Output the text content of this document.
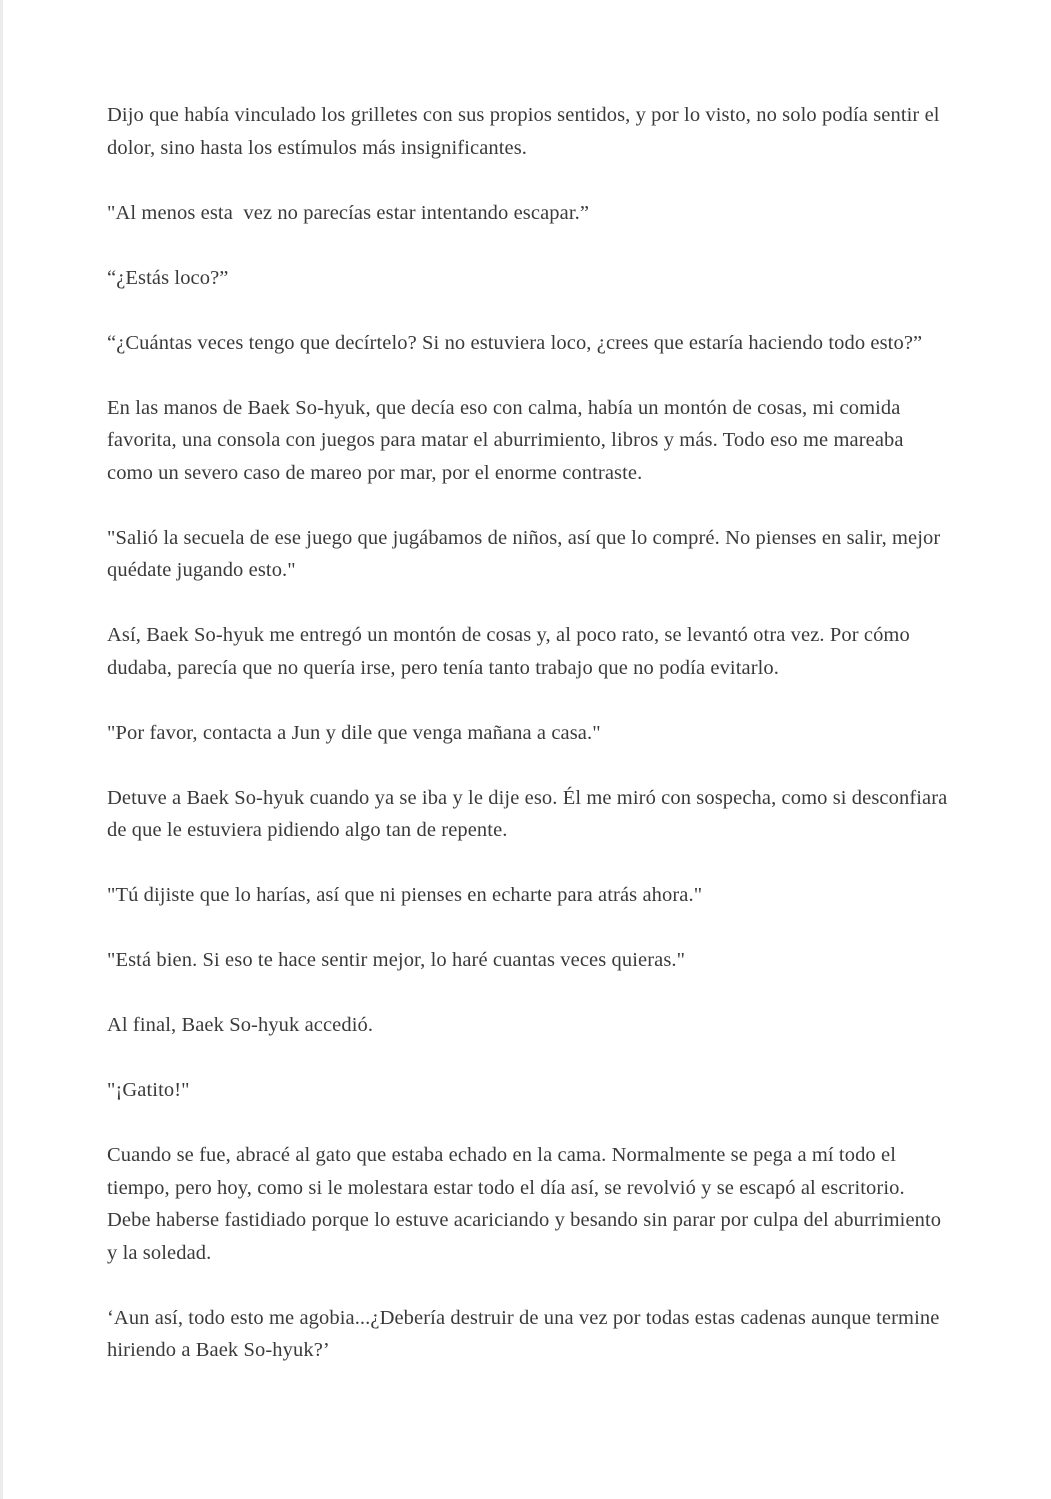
Dijo que había vinculado los grilletes con sus propios sentidos, y por lo visto, no solo podía sentir el dolor, sino hasta los estímulos más insignificantes.

"Al menos esta  vez no parecías estar intentando escapar.”

“¿Estás loco?”

“¿Cuántas veces tengo que decírtelo? Si no estuviera loco, ¿crees que estaría haciendo todo esto?”

En las manos de Baek So-hyuk, que decía eso con calma, había un montón de cosas, mi comida favorita, una consola con juegos para matar el aburrimiento, libros y más. Todo eso me mareaba como un severo caso de mareo por mar, por el enorme contraste.

"Salió la secuela de ese juego que jugábamos de niños, así que lo compré. No pienses en salir, mejor quédate jugando esto."

Así, Baek So-hyuk me entregó un montón de cosas y, al poco rato, se levantó otra vez. Por cómo dudaba, parecía que no quería irse, pero tenía tanto trabajo que no podía evitarlo.

"Por favor, contacta a Jun y dile que venga mañana a casa."

Detuve a Baek So-hyuk cuando ya se iba y le dije eso. Él me miró con sospecha, como si desconfiara de que le estuviera pidiendo algo tan de repente.

"Tú dijiste que lo harías, así que ni pienses en echarte para atrás ahora."

"Está bien. Si eso te hace sentir mejor, lo haré cuantas veces quieras."

Al final, Baek So-hyuk accedió.

"¡Gatito!"

Cuando se fue, abracé al gato que estaba echado en la cama. Normalmente se pega a mí todo el tiempo, pero hoy, como si le molestara estar todo el día así, se revolvió y se escapó al escritorio. Debe haberse fastidiado porque lo estuve acariciando y besando sin parar por culpa del aburrimiento y la soledad.

‘Aun así, todo esto me agobia...¿Debería destruir de una vez por todas estas cadenas aunque termine hiriendo a Baek So-hyuk?’
